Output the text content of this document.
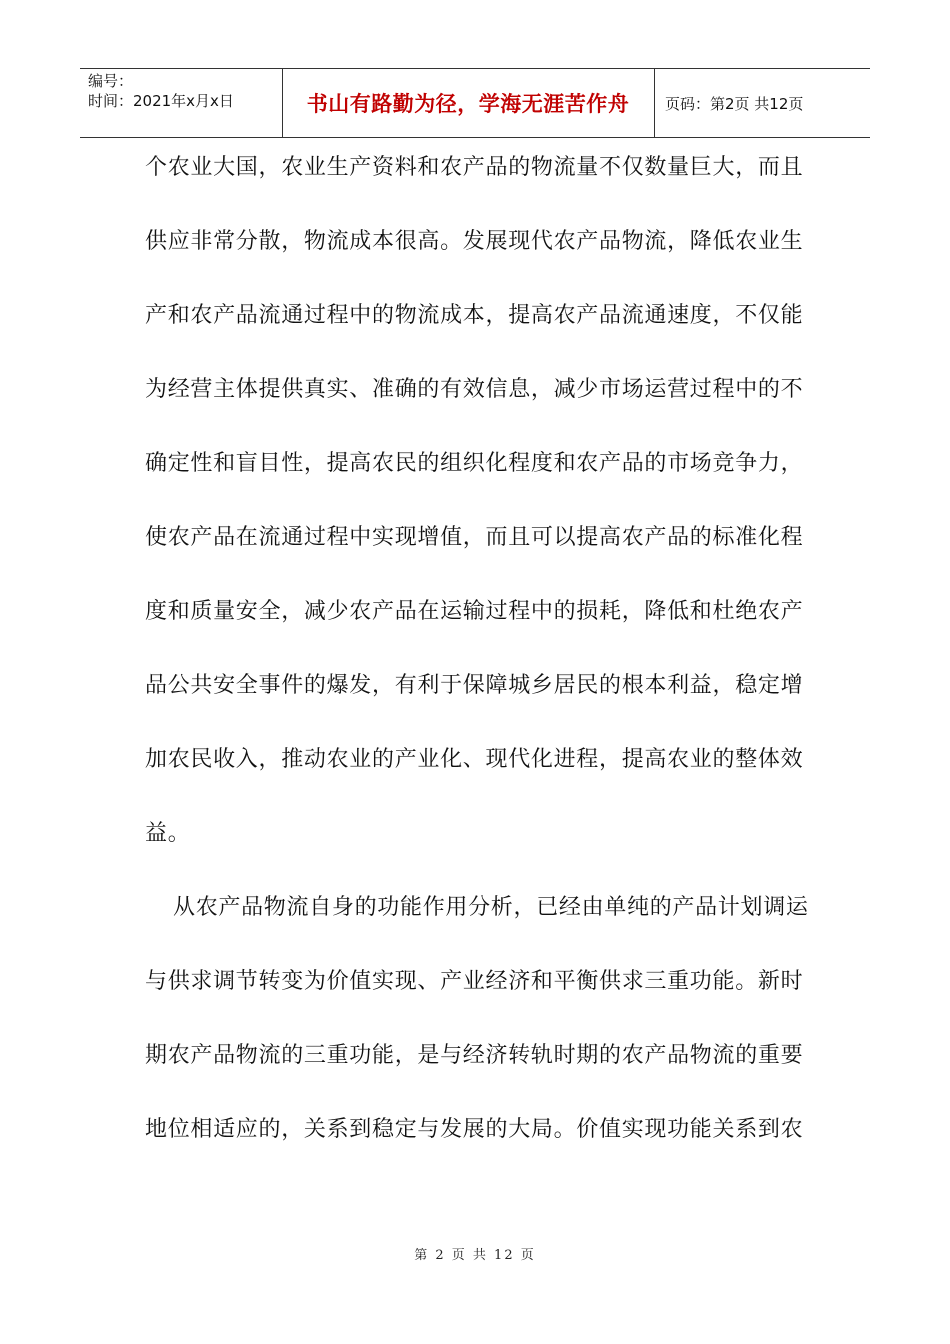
编号：
时间：2021年x月x日	书山有路勤为径，学海无涯苦作舟 页码：第2页 共12页
个农业大国，农业生产资料和农产品的物流量不仅数量巨大，而且
供应非常分散，物流成本很高。发展现代农产品物流，降低农业生
产和农产品流通过程中的物流成本，提高农产品流通速度，不仅能
为经营主体提供真实、准确的有效信息，减少市场运营过程中的不
确定性和盲目性，提高农民的组织化程度和农产品的市场竞争力，
使农产品在流通过程中实现增值，而且可以提高农产品的标准化程
度和质量安全，减少农产品在运输过程中的损耗，降低和杜绝农产
品公共安全事件的爆发，有利于保障城乡居民的根本利益，稳定增
加农民收入，推动农业的产业化、现代化进程，提高农业的整体效
益。
从农产品物流自身的功能作用分析，已经由单纯的产品计划调运
与供求调节转变为价值实现、产业经济和平衡供求三重功能。新时
期农产品物流的三重功能，是与经济转轨时期的农产品物流的重要
地位相适应的，关系到稳定与发展的大局。价值实现功能关系到农
第 2 页 共 12 页
